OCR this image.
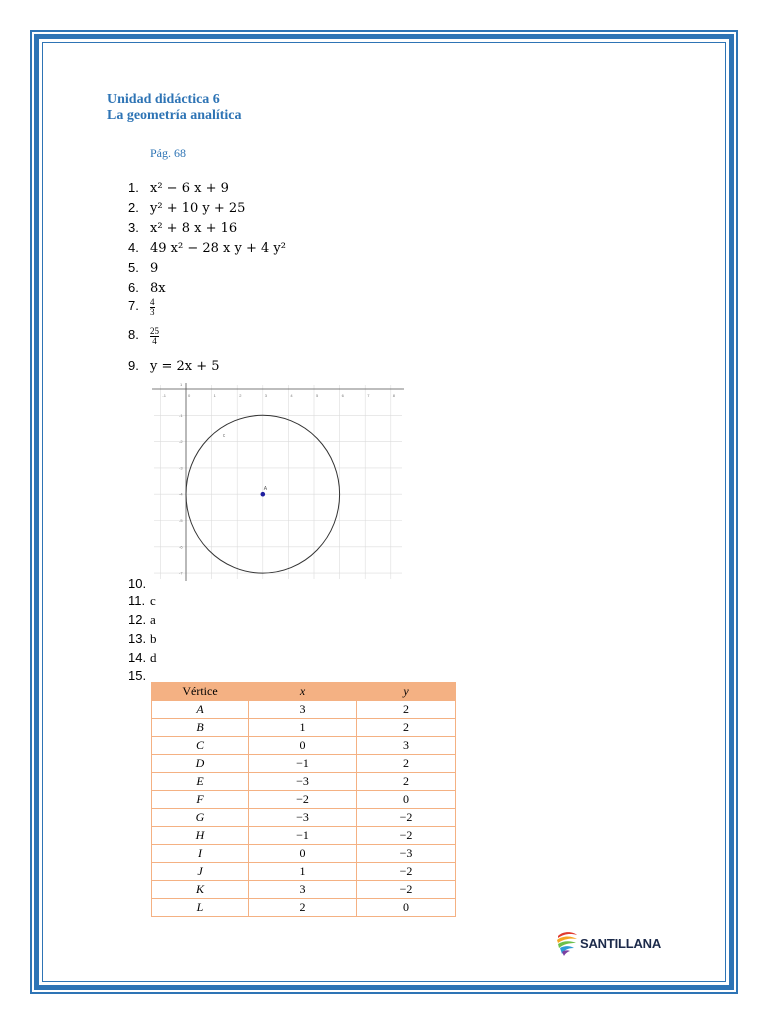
Unidad didáctica 6
La geometría analítica
Pág. 68
1. x² − 6 x + 9
2. y² + 10 y + 25
3. x² + 8 x + 16
4. 49 x² − 28 x y + 4 y²
5. 9
6. 8x
7. $\frac{4}{3}$
8. $\frac{25}{4}$
9. y = 2x + 5
10.
11. c
12. a
13. b
14. d
15.
-1	0	1	2	3	4	5	6	7	8
-1
-2
-3
-4
-5
-6
-7
1
A
c
Vértice	x	y
A	3	2
B	1	2
C	0	3
D	−1	2
E	−3	2
F	−2	0
G	−3	−2
H	−1	−2
I	0	−3
J	1	−2
K	3	−2
L	2	0
SANTILLANA
